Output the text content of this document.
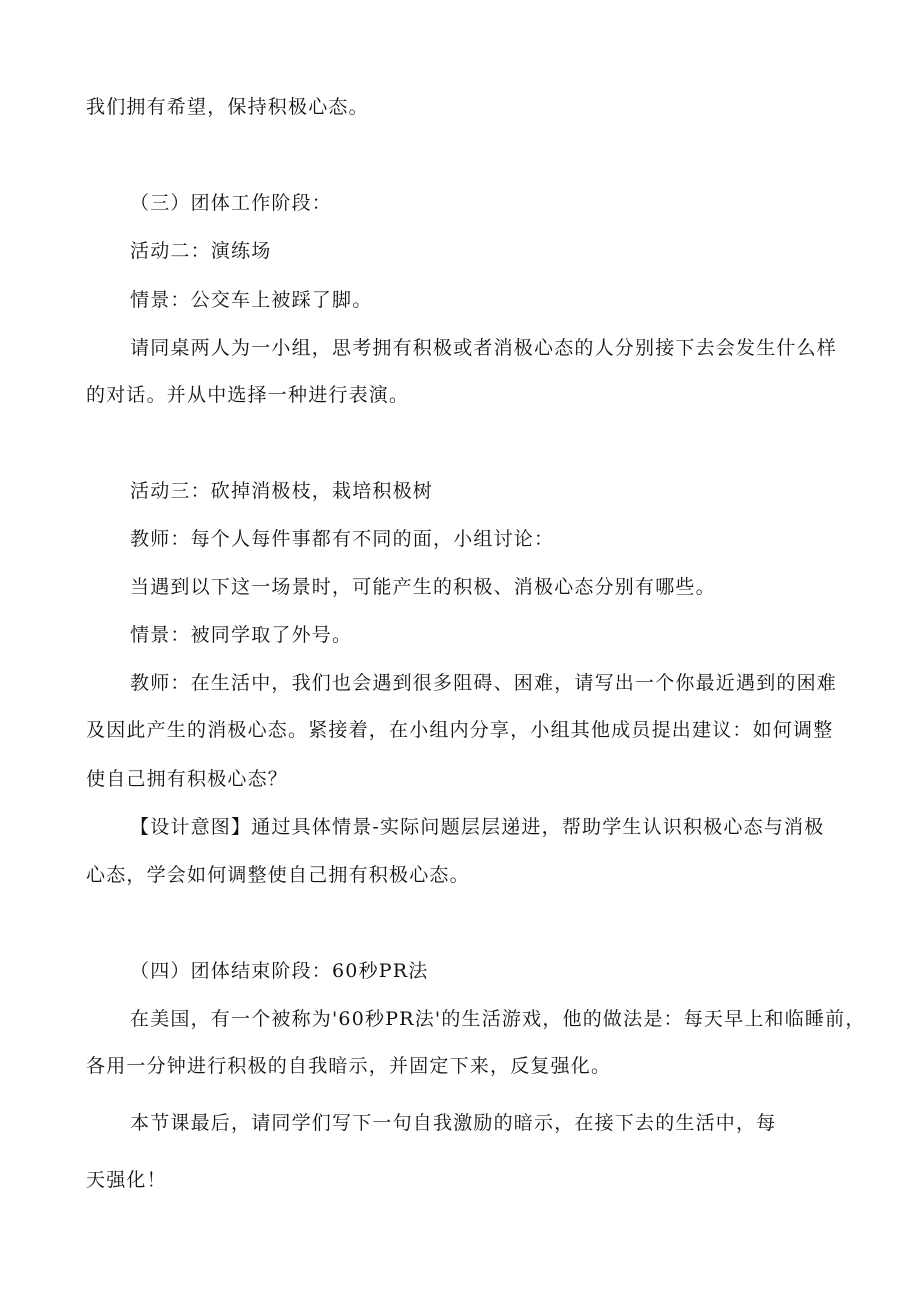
我们拥有希望，保持积极心态。
（三）团体工作阶段：
活动二：演练场
情景：公交车上被踩了脚。
请同桌两人为一小组，思考拥有积极或者消极心态的人分别接下去会发生什么样
的对话。并从中选择一种进行表演。
活动三：砍掉消极枝，栽培积极树
教师：每个人每件事都有不同的面，小组讨论：
当遇到以下这一场景时，可能产生的积极、消极心态分别有哪些。
情景：被同学取了外号。
教师：在生活中，我们也会遇到很多阻碍、困难，请写出一个你最近遇到的困难
及因此产生的消极心态。紧接着，在小组内分享，小组其他成员提出建议：如何调整
使自己拥有积极心态？
【设计意图】通过具体情景-实际问题层层递进，帮助学生认识积极心态与消极
心态，学会如何调整使自己拥有积极心态。
（四）团体结束阶段：60秒PR法
在美国，有一个被称为'60秒PR法'的生活游戏，他的做法是：每天早上和临睡前，
各用一分钟进行积极的自我暗示，并固定下来，反复强化。
本节课最后，请同学们写下一句自我激励的暗示，在接下去的生活中，每
天强化！
